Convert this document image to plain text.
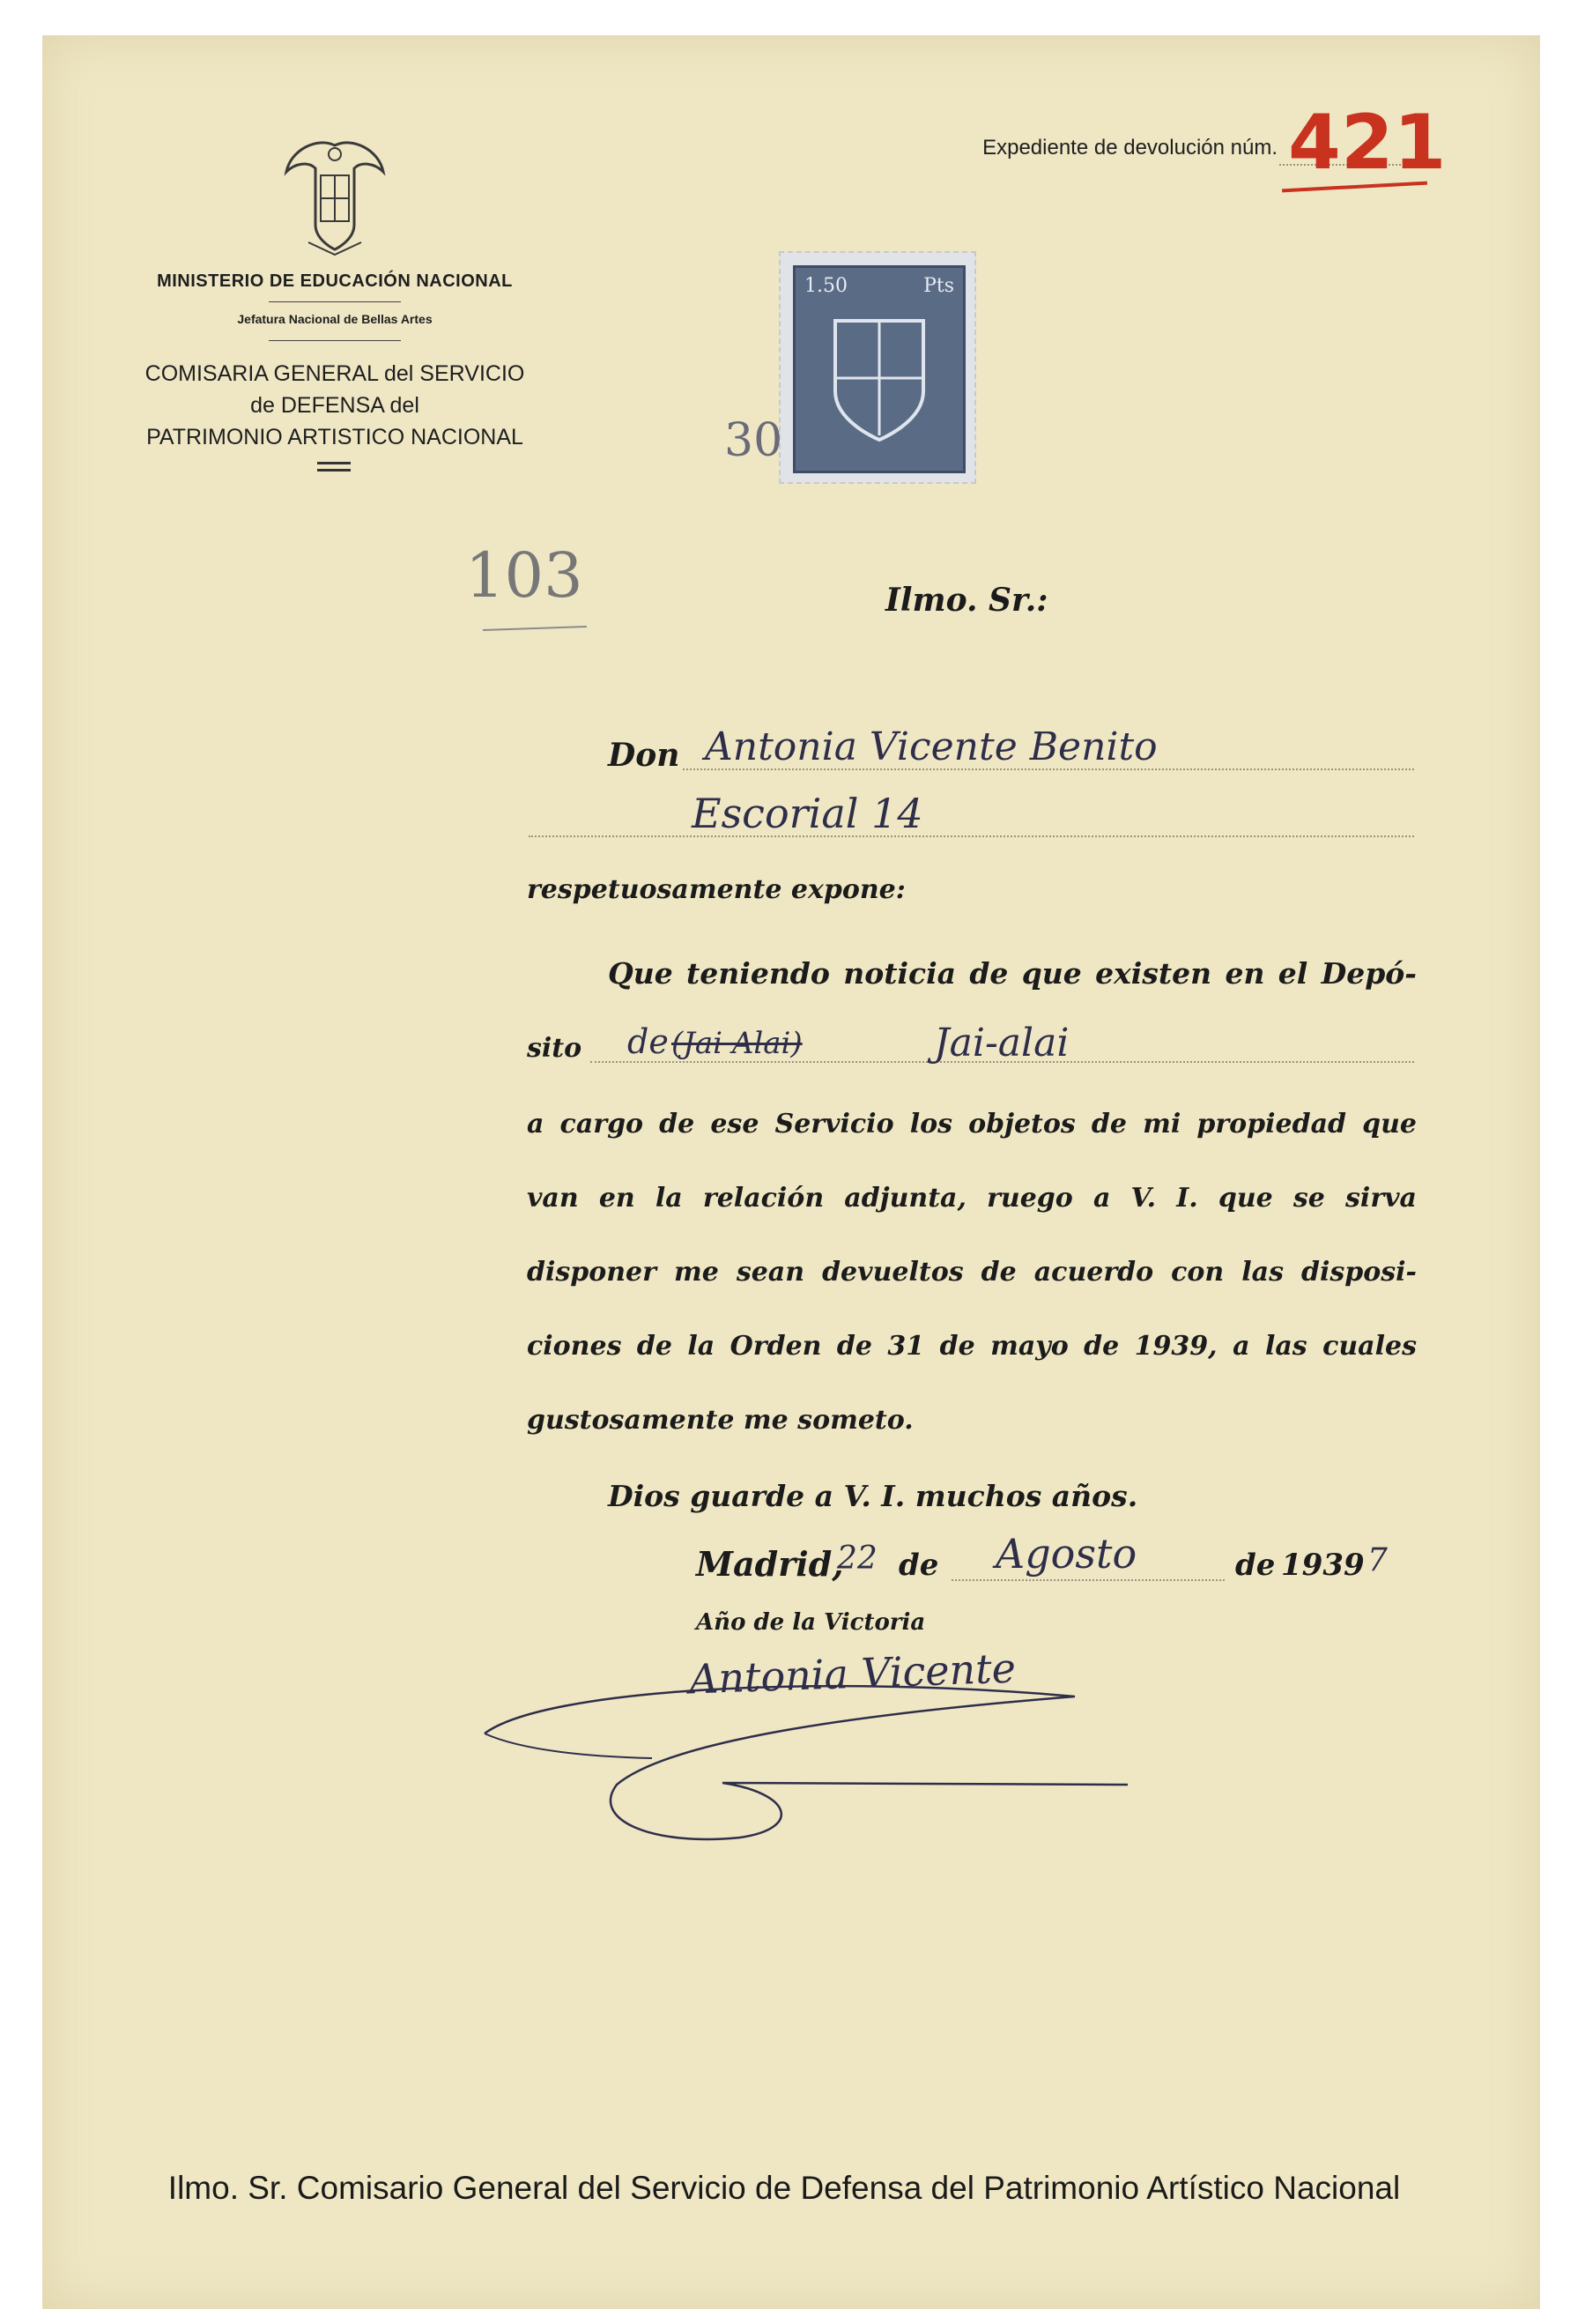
MINISTERIO DE EDUCACIÓN NACIONAL
Jefatura Nacional de Bellas Artes
COMISARIA GENERAL del SERVICIO
de DEFENSA del
PATRIMONIO ARTISTICO NACIONAL
Expediente de devolución núm. 421
1.50	Pts
30
103	Ilmo. Sr.:
Don Antonia Vicente Benito
Escorial 14
respetuosamente expone:
Que teniendo noticia de que existen en el Depó-
sito de (Jai Alai)	Jai-alai
a cargo de ese Servicio los objetos de mi propiedad que
van en la relación adjunta, ruego a V. I. que se sirva
disponer me sean devueltos de acuerdo con las disposi-
ciones de la Orden de 31 de mayo de 1939, a las cuales
gustosamente me someto.
Dios guarde a V. I. muchos años.
Madrid,
22 de Agosto	de 1939 7
Año de la Victoria
Antonia Vicente
Ilmo. Sr. Comisario General del Servicio de Defensa del Patrimonio Artístico Nacional
